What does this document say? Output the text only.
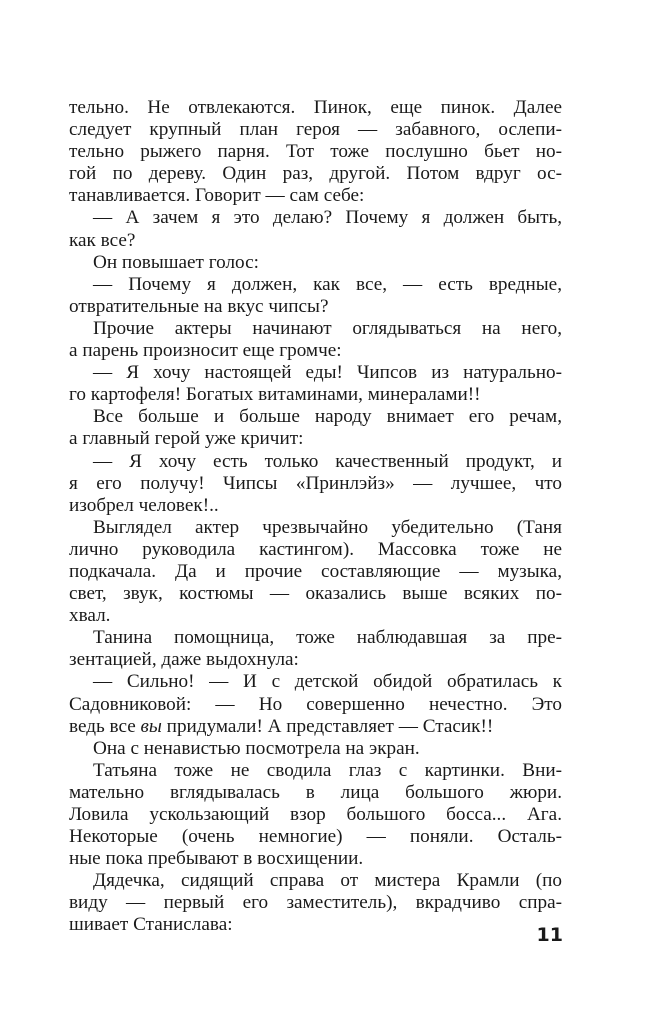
тельно. Не отвлекаются. Пинок, еще пинок. Далее
следует крупный план героя — забавного, ослепи-
тельно рыжего парня. Тот тоже послушно бьет но-
гой по дереву. Один раз, другой. Потом вдруг ос-
танавливается. Говорит — сам себе:
— А зачем я это делаю? Почему я должен быть,
как все?
Он повышает голос:
— Почему я должен, как все, — есть вредные,
отвратительные на вкус чипсы?
Прочие актеры начинают оглядываться на него,
а парень произносит еще громче:
— Я хочу настоящей еды! Чипсов из натурально-
го картофеля! Богатых витаминами, минералами!!
Все больше и больше народу внимает его речам,
а главный герой уже кричит:
— Я хочу есть только качественный продукт, и
я его получу! Чипсы «Принлэйз» — лучшее, что
изобрел человек!..
Выглядел актер чрезвычайно убедительно (Таня
лично руководила кастингом). Массовка тоже не
подкачала. Да и прочие составляющие — музыка,
свет, звук, костюмы — оказались выше всяких по-
хвал.
Танина помощница, тоже наблюдавшая за пре-
зентацией, даже выдохнула:
— Сильно! — И с детской обидой обратилась к
Садовниковой: — Но совершенно нечестно. Это
ведь все вы придумали! А представляет — Стасик!!
Она с ненавистью посмотрела на экран.
Татьяна тоже не сводила глаз с картинки. Вни-
мательно вглядывалась в лица большого жюри.
Ловила ускользающий взор большого босса... Ага.
Некоторые (очень немногие) — поняли. Осталь-
ные пока пребывают в восхищении.
Дядечка, сидящий справа от мистера Крамли (по
виду — первый его заместитель), вкрадчиво спра-
шивает Станислава:	11
